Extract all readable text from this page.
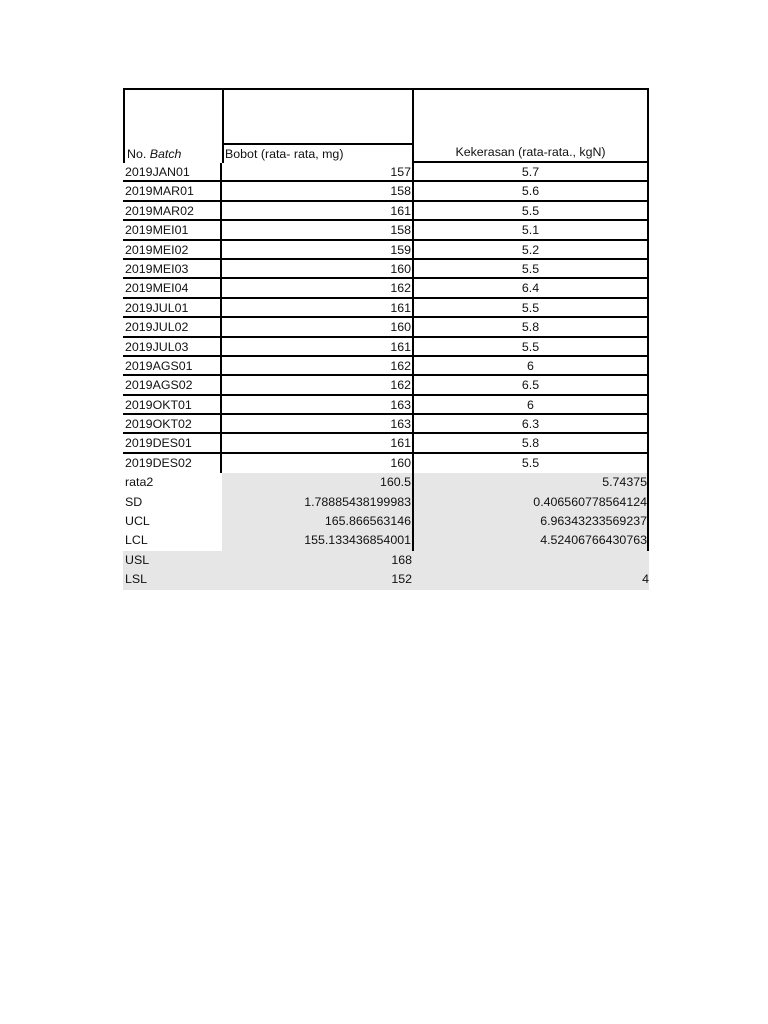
No. Batch	Bobot (rata- rata, mg)	Kekerasan (rata-rata., kgN)
2019JAN01	157	5.7
2019MAR01	158	5.6
2019MAR02	161	5.5
2019MEI01	158	5.1
2019MEI02	159	5.2
2019MEI03	160	5.5
2019MEI04	162	6.4
2019JUL01	161	5.5
2019JUL02	160	5.8
2019JUL03	161	5.5
2019AGS01	162	6
2019AGS02	162	6.5
2019OKT01	163	6
2019OKT02	163	6.3
2019DES01	161	5.8
2019DES02	160	5.5
rata2	160.5	5.74375
SD	1.78885438199983	0.406560778564124
UCL	165.866563146	6.96343233569237
LCL	155.133436854001	4.52406766430763
USL	168
LSL	152	4
